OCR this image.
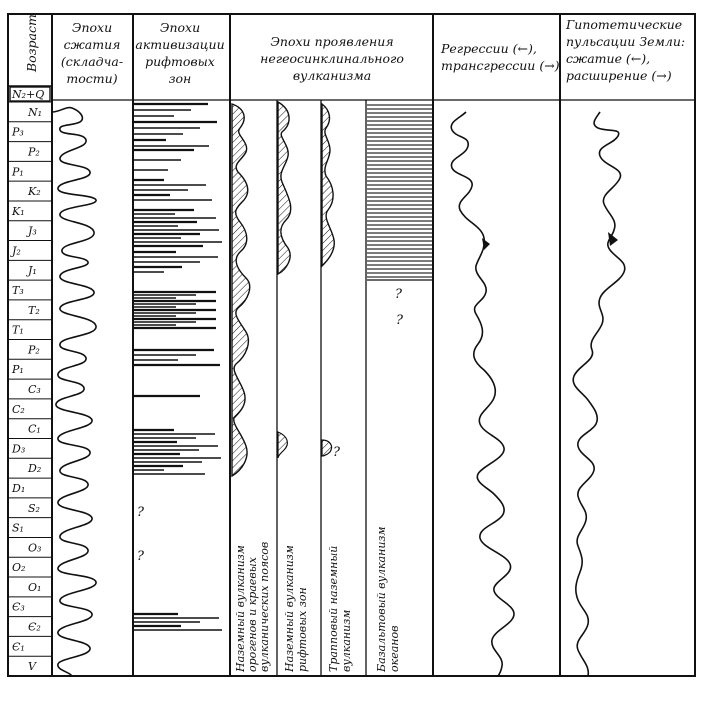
Возраст	Эпохи
сжатия
(складча-
тости)
Эпохи
активизации
рифтовых
зон
Эпохи проявления
негеосинклинального
вулканизма
Регрессии (←),
трансгрессии (→)
Гипотетические
пульсации Земли:
сжатие (←),
расширение (→)
N₂+Q
N₁
P₃
P₂
P₁
K₂
K₁
J₃
J₂
J₁
T₃
T₂
T₁
P₂
P₁
C₃
C₂
C₁
D₃
D₂
D₁
S₂
S₁
O₃
O₂
O₁
Є₃
Є₂
Є₁
V
?
?
?
?
?
Наземный вулканизм орогенов и краевых вулканических поясов Наземный вулканизм рифтовых зон Трапповый наземный вулканизм Базальтовый вулканизм океанов
